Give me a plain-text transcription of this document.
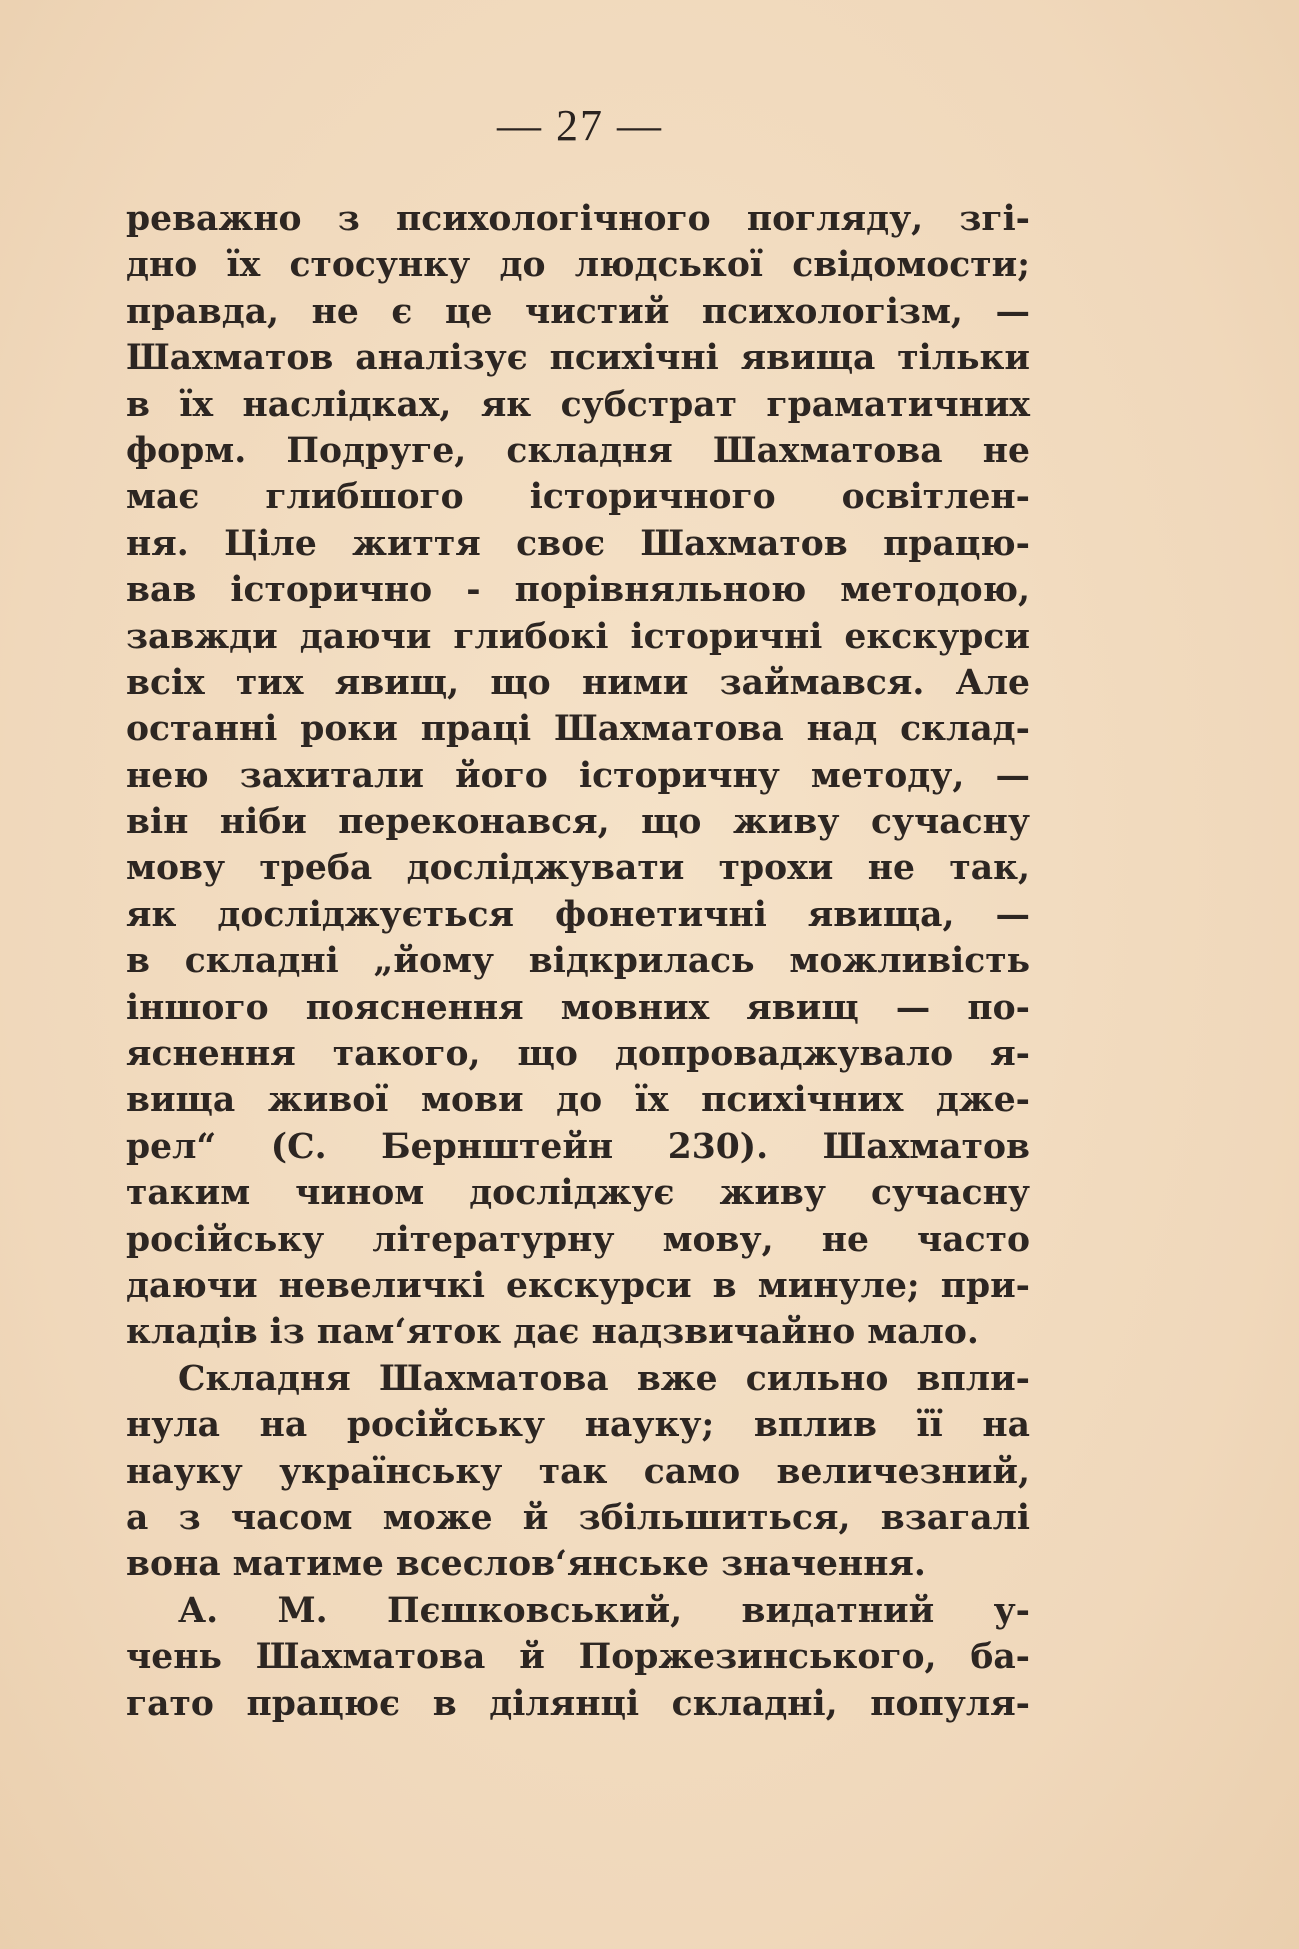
— 27 —
реважно з психологічного погляду, згі-
дно їх стосунку до людської свідомости;
правда, не є це чистий психологізм, —
Шахматов аналізує психічні явища тільки
в їх наслідках, як субстрат граматичних
форм. Подруге, складня Шахматова не
має глибшого історичного освітлен-
ня. Ціле життя своє Шахматов працю-
вав історично - порівняльною методою,
завжди даючи глибокі історичні екскурси
всіх тих явищ, що ними займався. Але
останні роки праці Шахматова над склад-
нею захитали його історичну методу, —
він ніби переконався, що живу сучасну
мову треба досліджувати трохи не так,
як досліджується фонетичні явища, —
в складні „йому відкрилась можливість
іншого пояснення мовних явищ — по-
яснення такого, що допроваджувало я-
вища живої мови до їх психічних дже-
рел“ (С. Бернштейн 230). Шахматов
таким чином досліджує живу сучасну
російську літературну мову, не часто
даючи невеличкі екскурси в минуле; при-
кладів із пам‘яток дає надзвичайно мало.
Складня Шахматова вже сильно впли-
нула на російську науку; вплив її на
науку українську так само величезний,
а з часом може й збільшиться, взагалі
вона матиме всеслов‘янське значення.
А. М. Пєшковський, видатний у-
чень Шахматова й Поржезинського, ба-
гато працює в ділянці складні, популя-
